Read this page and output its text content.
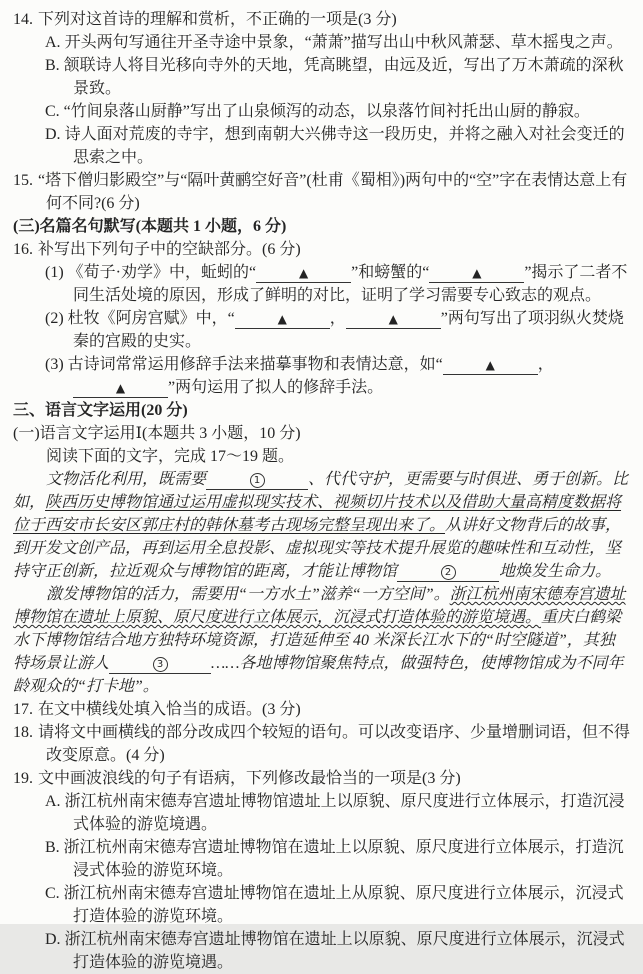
14. 下列对这首诗的理解和赏析，不正确的一项是(3 分)
A. 开头两句写通往开圣寺途中景象，“萧萧”描写出山中秋风萧瑟、草木摇曳之声。
B. 颔联诗人将目光移向寺外的天地，凭高眺望，由远及近，写出了万木萧疏的深秋景致。
C. “竹间泉落山厨静”写出了山泉倾泻的动态，以泉落竹间衬托出山厨的静寂。
D. 诗人面对荒废的寺宇，想到南朝大兴佛寺这一段历史，并将之融入对社会变迁的思索之中。
15. “塔下僧归影殿空”与“隔叶黄鹂空好音”(杜甫《蜀相》)两句中的“空”字在表情达意上有何不同?(6 分)
(三)名篇名句默写(本题共 1 小题，6 分)
16. 补写出下列句子中的空缺部分。(6 分)
(1) 《荀子·劝学》中，蚯蚓的“	▲	”和螃蟹的“	▲	”揭示了二者不同生活处境的原因，形成了鲜明的对比，证明了学习需要专心致志的观点。
(2) 杜牧《阿房宫赋》中，“	▲	，	▲	”两句写出了项羽纵火焚烧秦的宫殿的史实。
(3) 古诗词常常运用修辞手法来描摹事物和表情达意，如“	▲	，▲	”两句运用了拟人的修辞手法。
三、语言文字运用(20 分)
(一)语言文字运用Ⅰ(本题共 3 小题，10 分)
阅读下面的文字，完成 17～19 题。

文物活化利用，既需要	1	、代代守护，更需要与时俱进、勇于创新。比如，陕西历史博物馆通过运用虚拟现实技术、视频切片技术以及借助大量高精度数据将位于西安市长安区郭庄村的韩休墓考古现场完整呈现出来了。从讲好文物背后的故事，到开发文创产品，再到运用全息投影、虚拟现实等技术提升展览的趣味性和互动性，坚持守正创新，拉近观众与博物馆的距离，才能让博物馆	2	地焕发生命力。

激发博物馆的活力，需要用“一方水土”滋养“一方空间”。浙江杭州南宋德寿宫遗址博物馆在遗址上原貌、原尺度进行立体展示，沉浸式打造体验的游览境遇。重庆白鹤梁水下博物馆结合地方独特环境资源，打造延伸至 40 米深长江水下的“时空隧道”，其独特场景让游人	3	……各地博物馆聚焦特点，做强特色，使博物馆成为不同年龄观众的“打卡地”。

17. 在文中横线处填入恰当的成语。(3 分)
18. 请将文中画横线的部分改成四个较短的语句。可以改变语序、少量增删词语，但不得改变原意。(4 分)
19. 文中画波浪线的句子有语病，下列修改最恰当的一项是(3 分)
A. 浙江杭州南宋德寿宫遗址博物馆遗址上以原貌、原尺度进行立体展示，打造沉浸式体验的游览境遇。
B. 浙江杭州南宋德寿宫遗址博物馆在遗址上以原貌、原尺度进行立体展示，打造沉浸式体验的游览环境。
C. 浙江杭州南宋德寿宫遗址博物馆在遗址上从原貌、原尺度进行立体展示，沉浸式打造体验的游览环境。
D. 浙江杭州南宋德寿宫遗址博物馆在遗址上以原貌、原尺度进行立体展示，沉浸式打造体验的游览境遇。
